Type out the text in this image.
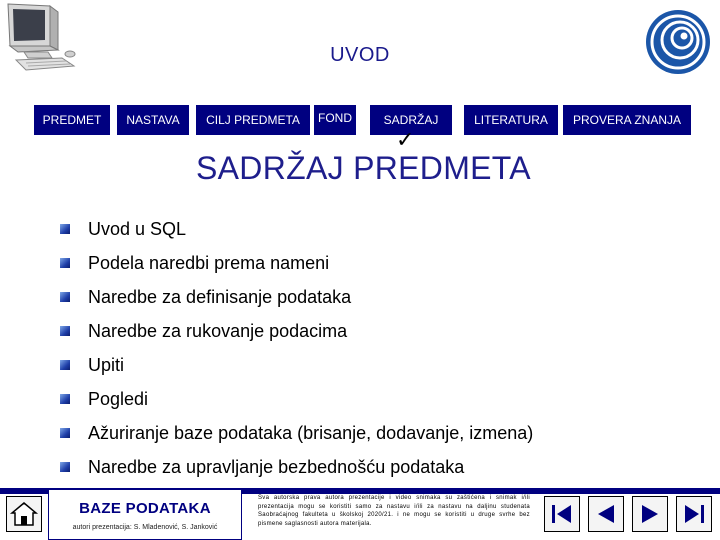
UVOD
PREDMET	NASTAVA	CILJ PREDMETA	FOND	SADRŽAJ	LITERATURA	PROVERA ZNANJA
✓
SADRŽAJ PREDMETA
Uvod u SQL
Podela naredbi prema nameni
Naredbe za definisanje podataka
Naredbe za rukovanje podacima
Upiti
Pogledi
Ažuriranje baze podataka (brisanje, dodavanje, izmena)
Naredbe za upravljanje bezbednošću podataka
BAZE PODATAKA
autori prezentacija: S. Mladenović, S. Janković
Sva autorska prava autora prezentacije i video snimaka su zaštićena i snimak i/ili prezentacija mogu se koristiti samo za nastavu i/ili za nastavu na daljinu studenata Saobraćajnog fakulteta u školskoj 2020/21. i ne mogu se koristiti u druge svrhe bez pismene saglasnosti autora materijala.
